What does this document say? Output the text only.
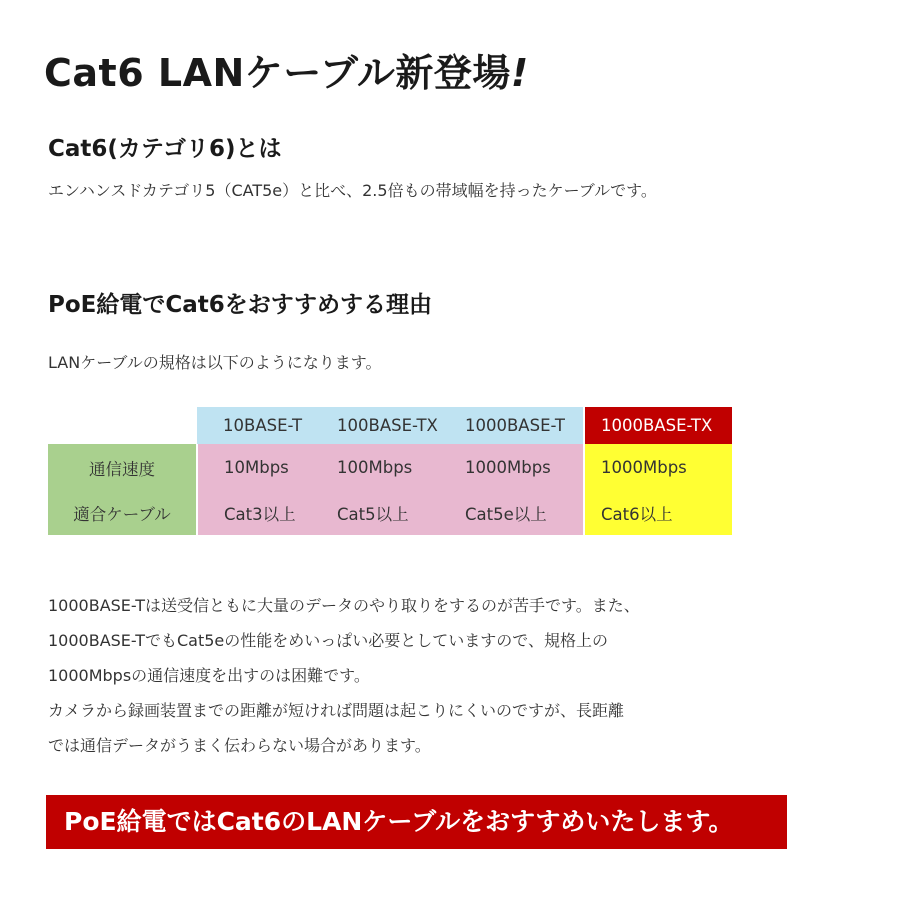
Cat6 LANケーブル新登場!
Cat6(カテゴリ6)とは

エンハンスドカテゴリ5（CAT5e）と比べ、2.5倍もの帯域幅を持ったケーブルです。

PoE給電でCat6をおすすめする理由

LANケーブルの規格は以下のようになります。

	10BASE-T	100BASE-TX	1000BASE-T	1000BASE-TX
通信速度	10Mbps	100Mbps	1000Mbps	1000Mbps
適合ケーブル	Cat3以上	Cat5以上	Cat5e以上	Cat6以上
1000BASE-Tは送受信ともに大量のデータのやり取りをするのが苦手です。また、
1000BASE-TでもCat5eの性能をめいっぱい必要としていますので、規格上の
1000Mbpsの通信速度を出すのは困難です。
カメラから録画装置までの距離が短ければ問題は起こりにくいのですが、長距離
では通信データがうまく伝わらない場合があります。
PoE給電ではCat6のLANケーブルをおすすめいたします。
